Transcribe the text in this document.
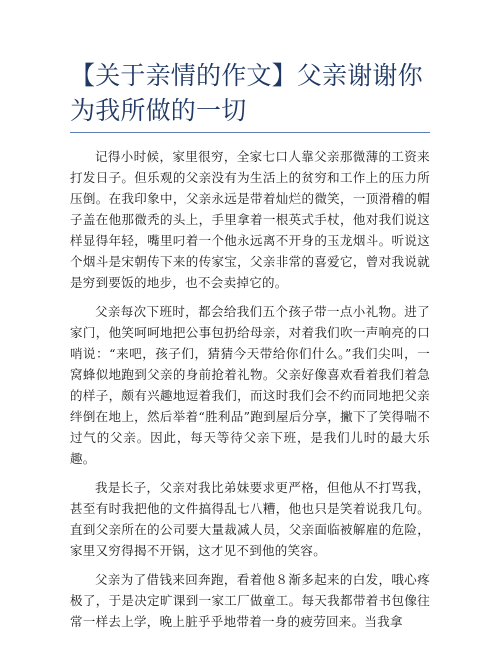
【关于亲情的作文】父亲谢谢你为我所做的一切

记得小时候，家里很穷，全家七口人靠父亲那微薄的工资来打发日子。但乐观的父亲没有为生活上的贫穷和工作上的压力所压倒。在我印象中，父亲永远是带着灿烂的微笑，一顶滑稽的帽子盖在他那微秃的头上，手里拿着一根英式手杖，他对我们说这样显得年轻，嘴里叼着一个他永远离不开身的玉龙烟斗。听说这个烟斗是宋朝传下来的传家宝，父亲非常的喜爱它，曾对我说就是穷到要饭的地步，也不会卖掉它的。

父亲每次下班时，都会给我们五个孩子带一点小礼物。进了家门，他笑呵呵地把公事包扔给母亲，对着我们吹一声响亮的口哨说：“来吧，孩子们，猜猜今天带给你们什么。”我们尖叫，一窝蜂似地跑到父亲的身前抢着礼物。父亲好像喜欢看着我们着急的样子，颇有兴趣地逗着我们，而这时我们会不约而同地把父亲绊倒在地上，然后举着“胜利品”跑到屋后分享，撇下了笑得喘不过气的父亲。因此，每天等待父亲下班，是我们儿时的最大乐趣。

我是长子，父亲对我比弟妹要求更严格，但他从不打骂我，甚至有时我把他的文件搞得乱七八糟，他也只是笑着说我几句。直到父亲所在的公司要大量裁减人员，父亲面临被解雇的危险，家里又穷得揭不开锅，这才见不到他的笑容。

父亲为了借钱来回奔跑，看着他８渐多起来的白发，哦心疼极了，于是决定旷课到一家工厂做童工。每天我都带着书包像往常一样去上学，晚上脏乎乎地带着一身的疲劳回来。当我拿
